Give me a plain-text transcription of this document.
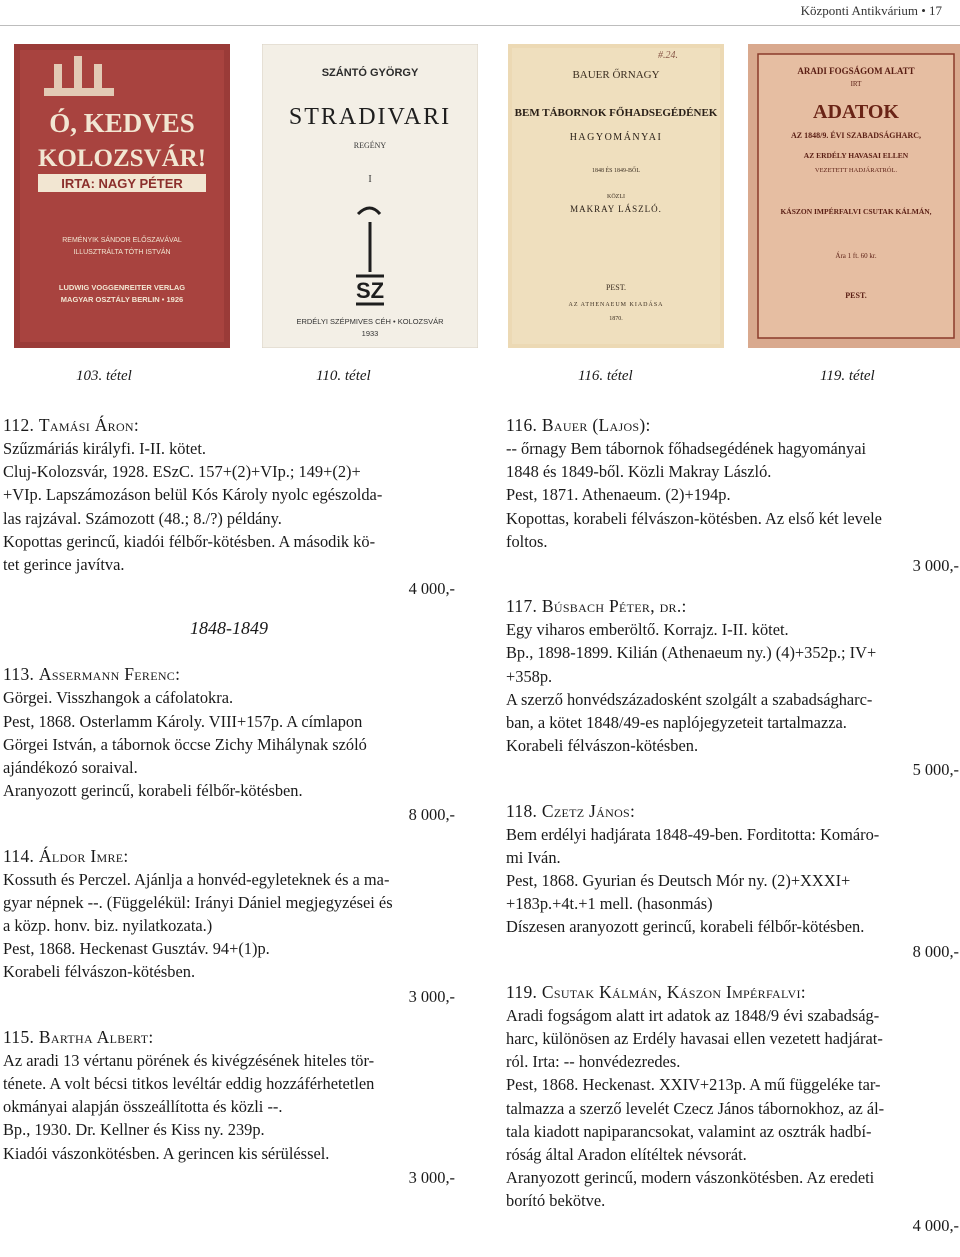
Központi Antikvárium • 17
Ó, KEDVES
KOLOZSVÁR!
IRTA: NAGY PÉTER
REMÉNYIK SÁNDOR ELŐSZAVÁVAL
ILLUSZTRÁLTA TÓTH ISTVÁN
LUDWIG VOGGENREITER VERLAG
MAGYAR OSZTÁLY BERLIN • 1926
SZÁNTÓ GYÖRGY
STRADIVARI
REGÉNY
I
SZ
ERDÉLYI SZÉPMIVES CÉH • KOLOZSVÁR
1933
#.24.
BAUER ŐRNAGY
BEM TÁBORNOK FŐHADSEGÉDÉNEK
HAGYOMÁNYAI
1848 ÉS 1849-BŐL
KÖZLI
MAKRAY LÁSZLÓ.
PEST.
AZ ATHENAEUM KIADÁSA
1870.
ARADI FOGSÁGOM ALATT
IRT
ADATOK
AZ 1848/9. ÉVI SZABADSÁGHARC,
AZ ERDÉLY HAVASAI ELLEN
VEZETETT HADJÁRATRÓL.
KÁSZON IMPÉRFALVI CSUTAK KÁLMÁN,
Ára 1 ft. 60 kr.
PEST.
103. tétel	110. tétel	116. tétel	119. tétel
112. Tamási Áron:
Szűzmáriás királyfi. I-II. kötet.
Cluj-Kolozsvár, 1928. ESzC. 157+(2)+VIp.; 149+(2)+
+VIp. Lapszámozáson belül Kós Károly nyolc egészolda-
las rajzával. Számozott (48.; 8./?) példány.
Kopottas gerincű, kiadói félbőr-kötésben. A második kö-
tet gerince javítva.
4 000,-
1848-1849
113. Assermann Ferenc:
Görgei. Visszhangok a cáfolatokra.
Pest, 1868. Osterlamm Károly. VIII+157p. A címlapon
Görgei István, a tábornok öccse Zichy Mihálynak szóló
ajándékozó soraival.
Aranyozott gerincű, korabeli félbőr-kötésben.
8 000,-
114. Áldor Imre:
Kossuth és Perczel. Ajánlja a honvéd-egyleteknek és a ma-
gyar népnek --. (Függelékül: Irányi Dániel megjegyzései és
a közp. honv. biz. nyilatkozata.)
Pest, 1868. Heckenast Gusztáv. 94+(1)p.
Korabeli félvászon-kötésben.
3 000,-
115. Bartha Albert:
Az aradi 13 vértanu pörének és kivégzésének hiteles tör-
ténete. A volt bécsi titkos levéltár eddig hozzáférhetetlen
okmányai alapján összeállította és közli --.
Bp., 1930. Dr. Kellner és Kiss ny. 239p.
Kiadói vászonkötésben. A gerincen kis sérüléssel.
3 000,-
116. Bauer (Lajos):
-- őrnagy Bem tábornok főhadsegédének hagyományai
1848 és 1849-ből. Közli Makray László.
Pest, 1871. Athenaeum. (2)+194p.
Kopottas, korabeli félvászon-kötésben. Az első két levele
foltos.
3 000,-
117. Búsbach Péter, dr.:
Egy viharos emberöltő. Korrajz. I-II. kötet.
Bp., 1898-1899. Kilián (Athenaeum ny.) (4)+352p.; IV+
+358p.
A szerző honvédszázadosként szolgált a szabadságharc-
ban, a kötet 1848/49-es naplójegyzeteit tartalmazza.
Korabeli félvászon-kötésben.
5 000,-
118. Czetz János:
Bem erdélyi hadjárata 1848-49-ben. Forditotta: Komáro-
mi Iván.
Pest, 1868. Gyurian és Deutsch Mór ny. (2)+XXXI+
+183p.+4t.+1 mell. (hasonmás)
Díszesen aranyozott gerincű, korabeli félbőr-kötésben.
8 000,-
119. Csutak Kálmán, Kászon Impérfalvi:
Aradi fogságom alatt irt adatok az 1848/9 évi szabadság-
harc, különösen az Erdély havasai ellen vezetett hadjárat-
ról. Irta: -- honvédezredes.
Pest, 1868. Heckenast. XXIV+213p. A mű függeléke tar-
talmazza a szerző levelét Czecz János tábornokhoz, az ál-
tala kiadott napiparancsokat, valamint az osztrák hadbí-
róság által Aradon elítéltek névsorát.
Aranyozott gerincű, modern vászonkötésben. Az eredeti
borító bekötve.
4 000,-
